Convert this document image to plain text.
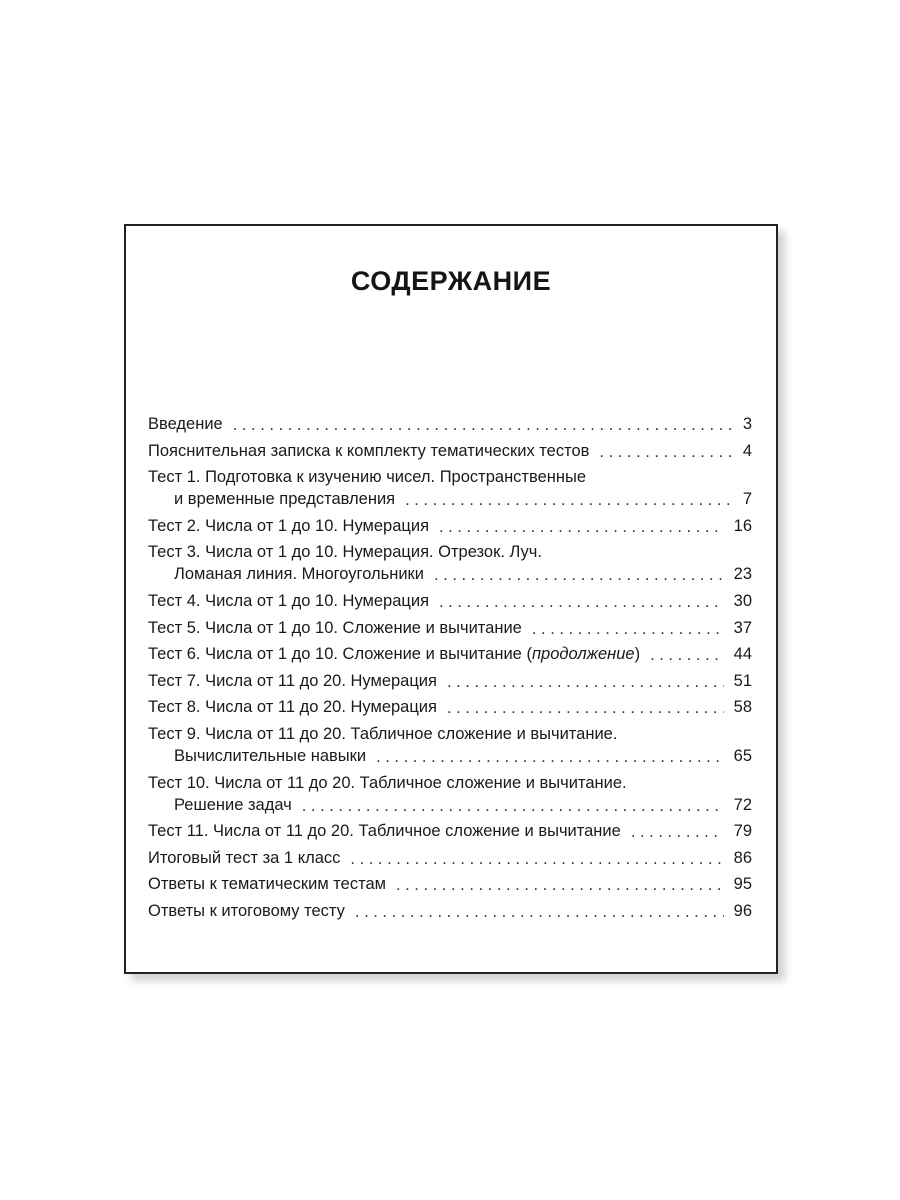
СОДЕРЖАНИЕ
Введение . . .	3
Пояснительная записка к комплекту тематических тестов . . .	4
Тест 1. Подготовка к изучению чисел. Пространственные
и временные представления . . .	7
Тест 2. Числа от 1 до 10. Нумерация . . .	16
Тест 3. Числа от 1 до 10. Нумерация. Отрезок. Луч.
Ломаная линия. Многоугольники . . .	23
Тест 4. Числа от 1 до 10. Нумерация . . .	30
Тест 5. Числа от 1 до 10. Сложение и вычитание . . .	37
Тест 6. Числа от 1 до 10. Сложение и вычитание ( продолжение ) . . .	44
Тест 7. Числа от 11 до 20. Нумерация . . .	51
Тест 8. Числа от 11 до 20. Нумерация . . .	58
Тест 9. Числа от 11 до 20. Табличное сложение и вычитание.
Вычислительные навыки . . .	65
Тест 10. Числа от 11 до 20. Табличное сложение и вычитание.
Решение задач . . .	72
Тест 11. Числа от 11 до 20. Табличное сложение и вычитание . . .	79
Итоговый тест за 1 класс . . .	86
Ответы к тематическим тестам . . .	95
Ответы к итоговому тесту . . .	96
